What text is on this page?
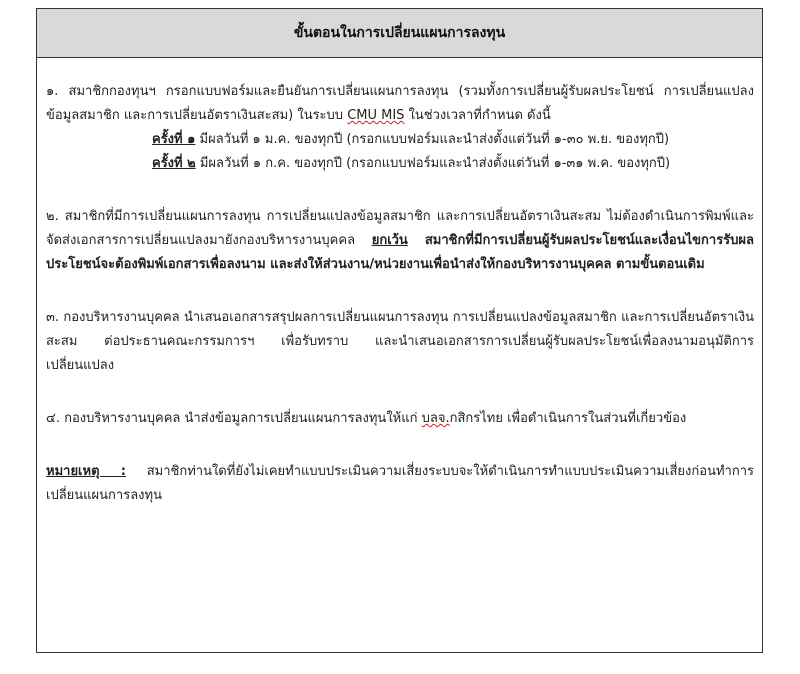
ขั้นตอนในการเปลี่ยนแผนการลงทุน

๑. สมาชิกกองทุนฯ กรอกแบบฟอร์มและยืนยันการเปลี่ยนแผนการลงทุน (รวมทั้งการเปลี่ยนผู้รับผลประโยชน์ การเปลี่ยนแปลงข้อมูลสมาชิก และการเปลี่ยนอัตราเงินสะสม) ในระบบ CMU MIS ในช่วงเวลาที่กำหนด ดังนี้

ครั้งที่ ๑ มีผลวันที่ ๑ ม.ค. ของทุกปี (กรอกแบบฟอร์มและนำส่งตั้งแต่วันที่ ๑-๓๐ พ.ย. ของทุกปี)

ครั้งที่ ๒ มีผลวันที่ ๑ ก.ค. ของทุกปี (กรอกแบบฟอร์มและนำส่งตั้งแต่วันที่ ๑-๓๑ พ.ค. ของทุกปี)

๒. สมาชิกที่มีการเปลี่ยนแผนการลงทุน การเปลี่ยนแปลงข้อมูลสมาชิก และการเปลี่ยนอัตราเงินสะสม ไม่ต้องดำเนินการพิมพ์และจัดส่งเอกสารการเปลี่ยนแปลงมายังกองบริหารงานบุคคล ยกเว้น สมาชิกที่มีการเปลี่ยนผู้รับผลประโยชน์และเงื่อนไขการรับผลประโยชน์จะต้องพิมพ์เอกสารเพื่อลงนาม และส่งให้ส่วนงาน/หน่วยงานเพื่อนำส่งให้กองบริหารงานบุคคล ตามขั้นตอนเดิม

๓. กองบริหารงานบุคคล นำเสนอเอกสารสรุปผลการเปลี่ยนแผนการลงทุน การเปลี่ยนแปลงข้อมูลสมาชิก และการเปลี่ยนอัตราเงินสะสม ต่อประธานคณะกรรมการฯ เพื่อรับทราบ และนำเสนอเอกสารการเปลี่ยนผู้รับผลประโยชน์เพื่อลงนามอนุมัติการเปลี่ยนแปลง

๔. กองบริหารงานบุคคล นำส่งข้อมูลการเปลี่ยนแผนการลงทุนให้แก่ บลจ.กสิกรไทย เพื่อดำเนินการในส่วนที่เกี่ยวข้อง

หมายเหตุ : สมาชิกท่านใดที่ยังไม่เคยทำแบบประเมินความเสี่ยงระบบจะให้ดำเนินการทำแบบประเมินความเสี่ยงก่อนทำการเปลี่ยนแผนการลงทุน
